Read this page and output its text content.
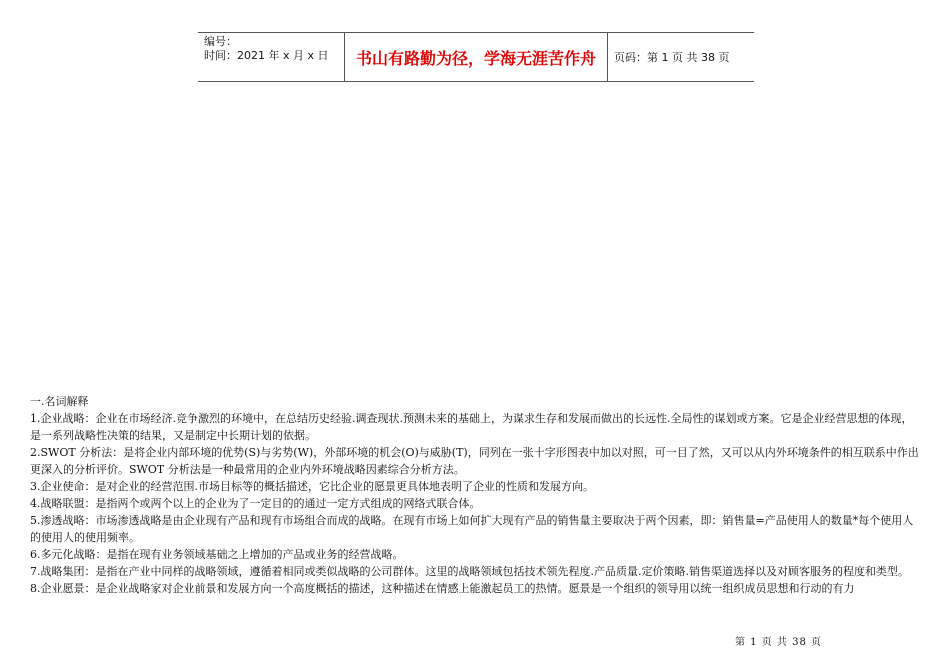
编号：
时间：2021 年 x 月 x 日	书山有路勤为径，学海无涯苦作舟	页码：第 1 页 共 38 页

一.名词解释

1.企业战略：企业在市场经济.竞争激烈的环境中，在总结历史经验.调查现状.预测未来的基础上，为谋求生存和发展而做出的长远性.全局性的谋划或方案。它是企业经营思想的体现，是一系列战略性决策的结果，又是制定中长期计划的依据。

2.SWOT 分析法：是将企业内部环境的优势(S)与劣势(W)，外部环境的机会(O)与威胁(T)，同列在一张十字形图表中加以对照，可一目了然，又可以从内外环境条件的相互联系中作出更深入的分析评价。SWOT 分析法是一种最常用的企业内外环境战略因素综合分析方法。

3.企业使命：是对企业的经营范围.市场目标等的概括描述，它比企业的愿景更具体地表明了企业的性质和发展方向。

4.战略联盟：是指两个或两个以上的企业为了一定目的的通过一定方式组成的网络式联合体。

5.渗透战略：市场渗透战略是由企业现有产品和现有市场组合而成的战略。在现有市场上如何扩大现有产品的销售量主要取决于两个因素，即：销售量=产品使用人的数量*每个使用人的使用人的使用频率。

6.多元化战略：是指在现有业务领域基础之上增加的产品或业务的经营战略。

7.战略集团：是指在产业中同样的战略领域，遵循着相同或类似战略的公司群体。这里的战略领域包括技术领先程度.产品质量.定价策略.销售渠道选择以及对顾客服务的程度和类型。

8.企业愿景：是企业战略家对企业前景和发展方向一个高度概括的描述，这种描述在情感上能激起员工的热情。愿景是一个组织的领导用以统一组织成员思想和行动的有力

第 1 页 共 38 页
